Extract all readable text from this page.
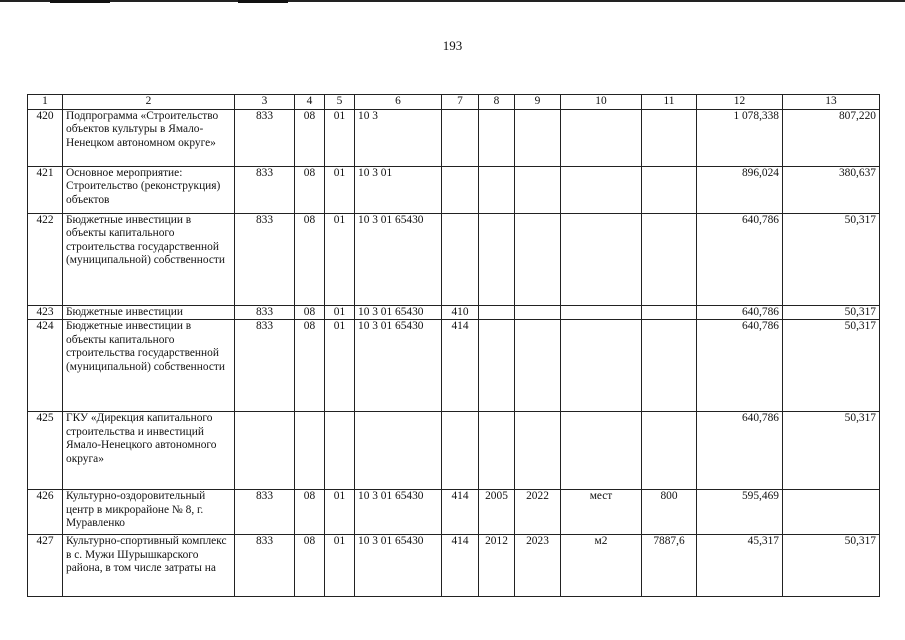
193
1	2	3	4	5	6	7	8	9	10	11	12	13
420	Подпрограмма «Строительство объектов культуры в Ямало-Ненецком автономном округе»	833	08	01	10 3						1 078,338	807,220
421	Основное мероприятие: Строительство (реконструкция) объектов	833	08	01	10 3 01						896,024	380,637
422	Бюджетные инвестиции в объекты капитального строительства государственной (муниципальной) собственности	833	08	01	10 3 01 65430						640,786	50,317
423	Бюджетные инвестиции	833	08	01	10 3 01 65430	410					640,786	50,317
424	Бюджетные инвестиции в объекты капитального строительства государственной (муниципальной) собственности	833	08	01	10 3 01 65430	414					640,786	50,317
425	ГКУ «Дирекция капитального строительства и инвестиций Ямало-Ненецкого автономного округа»										640,786	50,317
426	Культурно-оздоровительный центр в микрорайоне № 8, г. Муравленко	833	08	01	10 3 01 65430	414	2005	2022	мест	800	595,469	
427	Культурно-спортивный комплекс в с. Мужи Шурышкарского района, в том числе затраты на	833	08	01	10 3 01 65430	414	2012	2023	м2	7887,6	45,317	50,317
